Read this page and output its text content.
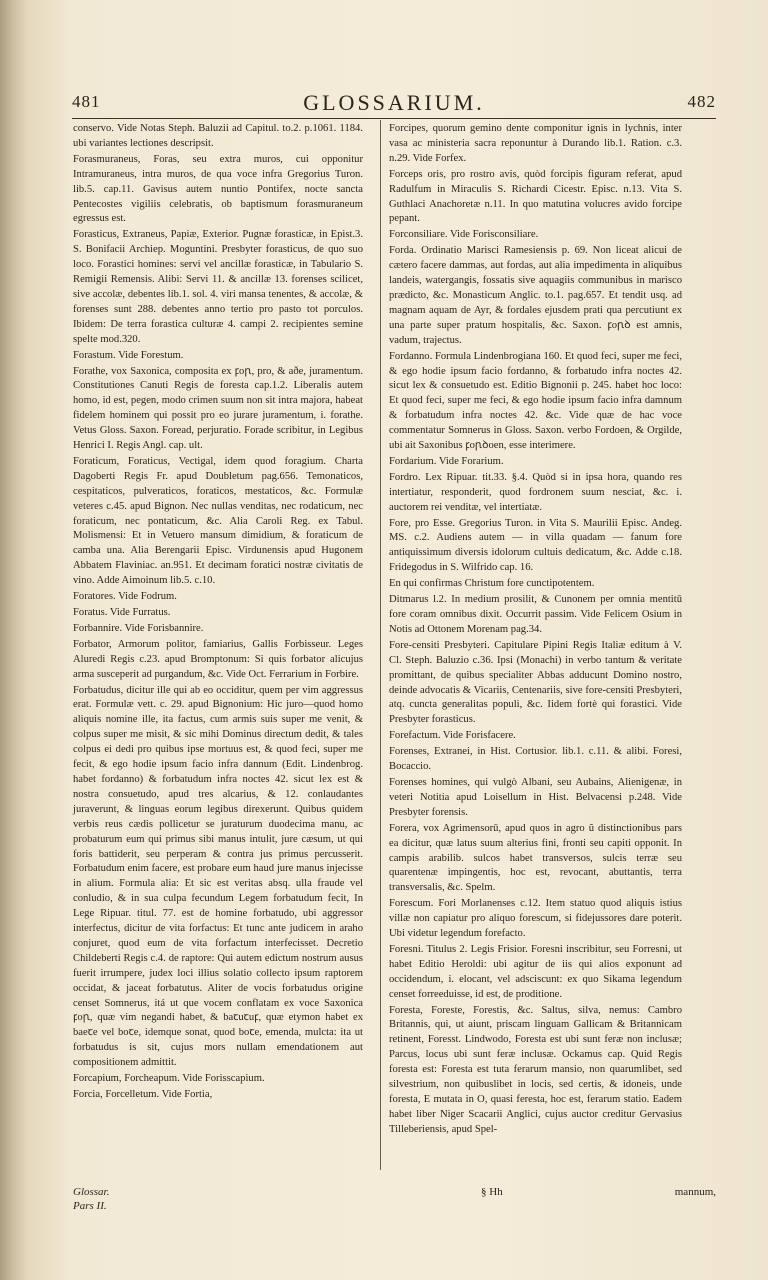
481	GLOSSARIUM.	482

conservo. Vide Notas Steph. Baluzii ad Capitul. to.2. p.1061. 1184. ubi variantes lectiones descripsit.

Forasmuraneus, Foras, seu extra muros, cui opponitur Intramuraneus, intra muros, de qua voce infra Gregorius Turon. lib.5. cap.11. Gavisus autem nuntio Pontifex, nocte sancta Pentecostes vigiliis celebratis, ob baptismum forasmuraneum egressus est.

Forasticus, Extraneus, Papiæ, Exterior. Pugnæ forasticæ, in Epist.3. S. Bonifacii Archiep. Moguntini. Presbyter forasticus, de quo suo loco. Forastici homines: servi vel ancillæ forasticæ, in Tabulario S. Remigii Remensis. Alibi: Servi 11. & ancillæ 13. forenses scilicet, sive accolæ, debentes lib.1. sol. 4. viri mansa tenentes, & accolæ, & forenses sunt 288. debentes anno tertio pro pasto tot porculos. Ibidem: De terra forastica culturæ 4. campi 2. recipientes semine spelte mod.320.

Forastum. Vide Forestum.

Forathe, vox Saxonica, composita ex ꝼoꞃ, pro, & aðe, juramentum. Constitutiones Canuti Regis de foresta cap.1.2. Liberalis autem homo, id est, pegen, modo crimen suum non sit intra majora, habeat fidelem hominem qui possit pro eo jurare juramentum, i. forathe. Vetus Gloss. Saxon. Foread, perjuratio. Forade scribitur, in Legibus Henrici I. Regis Angl. cap. ult.

Foraticum, Foraticus, Vectigal, idem quod foragium. Charta Dagoberti Regis Fr. apud Doubletum pag.656. Temonaticos, cespitaticos, pulveraticos, foraticos, mestaticos, &c. Formulæ veteres c.45. apud Bignon. Nec nullas venditas, nec rodaticum, nec foraticum, nec pontaticum, &c. Alia Caroli Reg. ex Tabul. Molismensi: Et in Vetuero mansum dimidium, & foraticum de camba una. Alia Berengarii Episc. Virdunensis apud Hugonem Abbatem Flaviniac. an.951. Et decimam foratici nostræ civitatis de vino. Adde Aimoinum lib.5. c.10.

Foratores. Vide Fodrum.

Foratus. Vide Furratus.

Forbannire. Vide Forisbannire.

Forbator, Armorum politor, famiarius, Gallis Forbisseur. Leges Aluredi Regis c.23. apud Bromptonum: Si quis forbator alicujus arma susceperit ad purgandum, &c. Vide Oct. Ferrarium in Forbire.

Forbatudus, dicitur ille qui ab eo occiditur, quem per vim aggressus erat. Formulæ vett. c. 29. apud Bignonium: Hic juro—quod homo aliquis nomine ille, ita factus, cum armis suis super me venit, & colpus super me misit, & sic mihi Dominus directum dedit, & tales colpus ei dedi pro quibus ipse mortuus est, & quod feci, super me fecit, & ego hodie ipsum facio infra dannum (Edit. Lindenbrog. habet fordanno) & forbatudum infra noctes 42. sicut lex est & nostra consuetudo, apud tres alcarius, & 12. conlaudantes juraverunt, & linguas eorum legibus direxerunt. Quibus quidem verbis reus cædis pollicetur se juraturum duodecima manu, ac probaturum eum qui primus sibi manus intulit, jure cæsum, ut qui foris battiderit, seu perperam & contra jus primus percusserit. Forbatudum enim facere, est probare eum haud jure manus injecisse in alium. Formula alia: Et sic est veritas absq. ulla fraude vel conludio, & in sua culpa fecundum Legem forbatudum fecit, In Lege Ripuar. titul. 77. est de homine forbatudo, ubi aggressor interfectus, dicitur de vita forfactus: Et tunc ante judicem in araho conjuret, quod eum de vita forfactum interfecisset. Decretio Childeberti Regis c.4. de raptore: Qui autem edictum nostrum ausus fuerit irrumpere, judex loci illius solatio collecto ipsum raptorem occidat, & jaceat forbatutus. Aliter de vocis forbatudus origine censet Somnerus, itá ut que vocem conflatam ex voce Saxonica ꝼoꞃ, quæ vim negandi habet, & baꞇuꞇuꝼ, quæ etymon habet ex baeꞇe vel boꞇe, idemque sonat, quod boꞇe, emenda, mulcta: ita ut forbatudus is sit, cujus mors nullam emendationem aut compositionem admittit.

Forcapium, Forcheapum. Vide Forisscapium.

Forcia, Forcelletum. Vide Fortia,

Forcipes, quorum gemino dente componitur ignis in lychnis, inter vasa ac ministeria sacra reponuntur à Durando lib.1. Ration. c.3. n.29. Vide Forfex.

Forceps oris, pro rostro avis, quòd forcipis figuram referat, apud Radulfum in Miraculis S. Richardi Cicestr. Episc. n.13. Vita S. Guthlaci Anachoretæ n.11. In quo matutina volucres avido forcipe pepant.

Forconsiliare. Vide Forisconsiliare.

Forda. Ordinatio Marisci Ramesiensis p. 69. Non liceat alicui de cætero facere dammas, aut fordas, aut alia impedimenta in aliquibus landeis, watergangis, fossatis sive aquagiis communibus in marisco prædicto, &c. Monasticum Anglic. to.1. pag.657. Et tendit usq. ad magnam aquam de Ayr, & fordales ejusdem prati qua percutiunt ex una parte super pratum hospitalis, &c. Saxon. ꝼoꞃꝺ est amnis, vadum, trajectus.

Fordanno. Formula Lindenbrogiana 160. Et quod feci, super me feci, & ego hodie ipsum facio fordanno, & forbatudo infra noctes 42. sicut lex & consuetudo est. Editio Bignonii p. 245. habet hoc loco: Et quod feci, super me feci, & ego hodie ipsum facio infra damnum & forbatudum infra noctes 42. &c. Vide quæ de hac voce commentatur Somnerus in Gloss. Saxon. verbo Fordoen, & Orgilde, ubi ait Saxonibus ꝼoꞃꝺoen, esse interimere.

Fordarium. Vide Forarium.

Fordro. Lex Ripuar. tit.33. §.4. Quòd si in ipsa hora, quando res intertiatur, responderit, quod fordronem suum nesciat, &c. i. auctorem rei venditæ, vel intertiatæ.

Fore, pro Esse. Gregorius Turon. in Vita S. Maurilii Episc. Andeg. MS. c.2. Audiens autem — in villa quadam — fanum fore antiquissimum diversis idolorum cultuis dedicatum, &c. Adde c.18. Fridegodus in S. Wilfrido cap. 16.

En qui confirmas Christum fore cunctipotentem.

Ditmarus l.2. In medium prosilit, & Cunonem per omnia mentitū fore coram omnibus dixit. Occurrit passim. Vide Felicem Osium in Notis ad Ottonem Morenam pag.34.

Fore-censiti Presbyteri. Capitulare Pipini Regis Italiæ editum à V. Cl. Steph. Baluzio c.36. Ipsi (Monachi) in verbo tantum & veritate promittant, de quibus specialiter Abbas adducunt Domino nostro, deinde advocatis & Vicariis, Centenariis, sive fore-censiti Presbyteri, atq. cuncta generalitas populi, &c. Iidem fortè qui forastici. Vide Presbyter forasticus.

Forefactum. Vide Forisfacere.

Forenses, Extranei, in Hist. Cortusior. lib.1. c.11. & alibi. Foresi, Bocaccio.

Forenses homines, qui vulgò Albani, seu Aubains, Alienigenæ, in veteri Notitia apud Loisellum in Hist. Belvacensi p.248. Vide Presbyter forensis.

Forera, vox Agrimensorū, apud quos in agro ũ distinctionibus pars ea dicitur, quæ latus suum alterius fini, fronti seu capiti opponit. In campis arabilib. sulcos habet transversos, sulcis terræ seu quarentenæ impingentis, hoc est, revocant, abuttantis, terra transversalis, &c. Spelm.

Forescum. Fori Morlanenses c.12. Item statuo quod aliquis istius villæ non capiatur pro aliquo forescum, si fidejussores dare poterit. Ubi videtur legendum forefacto.

Foresni. Titulus 2. Legis Frisior. Foresni inscribitur, seu Forresni, ut habet Editio Heroldi: ubi agitur de iis qui alios exponunt ad occidendum, i. elocant, vel adsciscunt: ex quo Sikama legendum censet forreeduisse, id est, de proditione.

Foresta, Foreste, Forestis, &c. Saltus, silva, nemus: Cambro Britannis, qui, ut aiunt, priscam linguam Gallicam & Britannicam retinent, Foresst. Lindwodo, Foresta est ubi sunt feræ non inclusæ; Parcus, locus ubi sunt feræ inclusæ. Ockamus cap. Quid Regis foresta est: Foresta est tuta ferarum mansio, non quarumlibet, sed silvestrium, non quibuslibet in locis, sed certis, & idoneis, unde foresta, E mutata in O, quasi feresta, hoc est, ferarum statio. Eadem habet liber Niger Scacarii Anglici, cujus auctor creditur Gervasius Tilleberiensis, apud Spel-

Glossar.	§ Hh	mannum,
Pars II.
